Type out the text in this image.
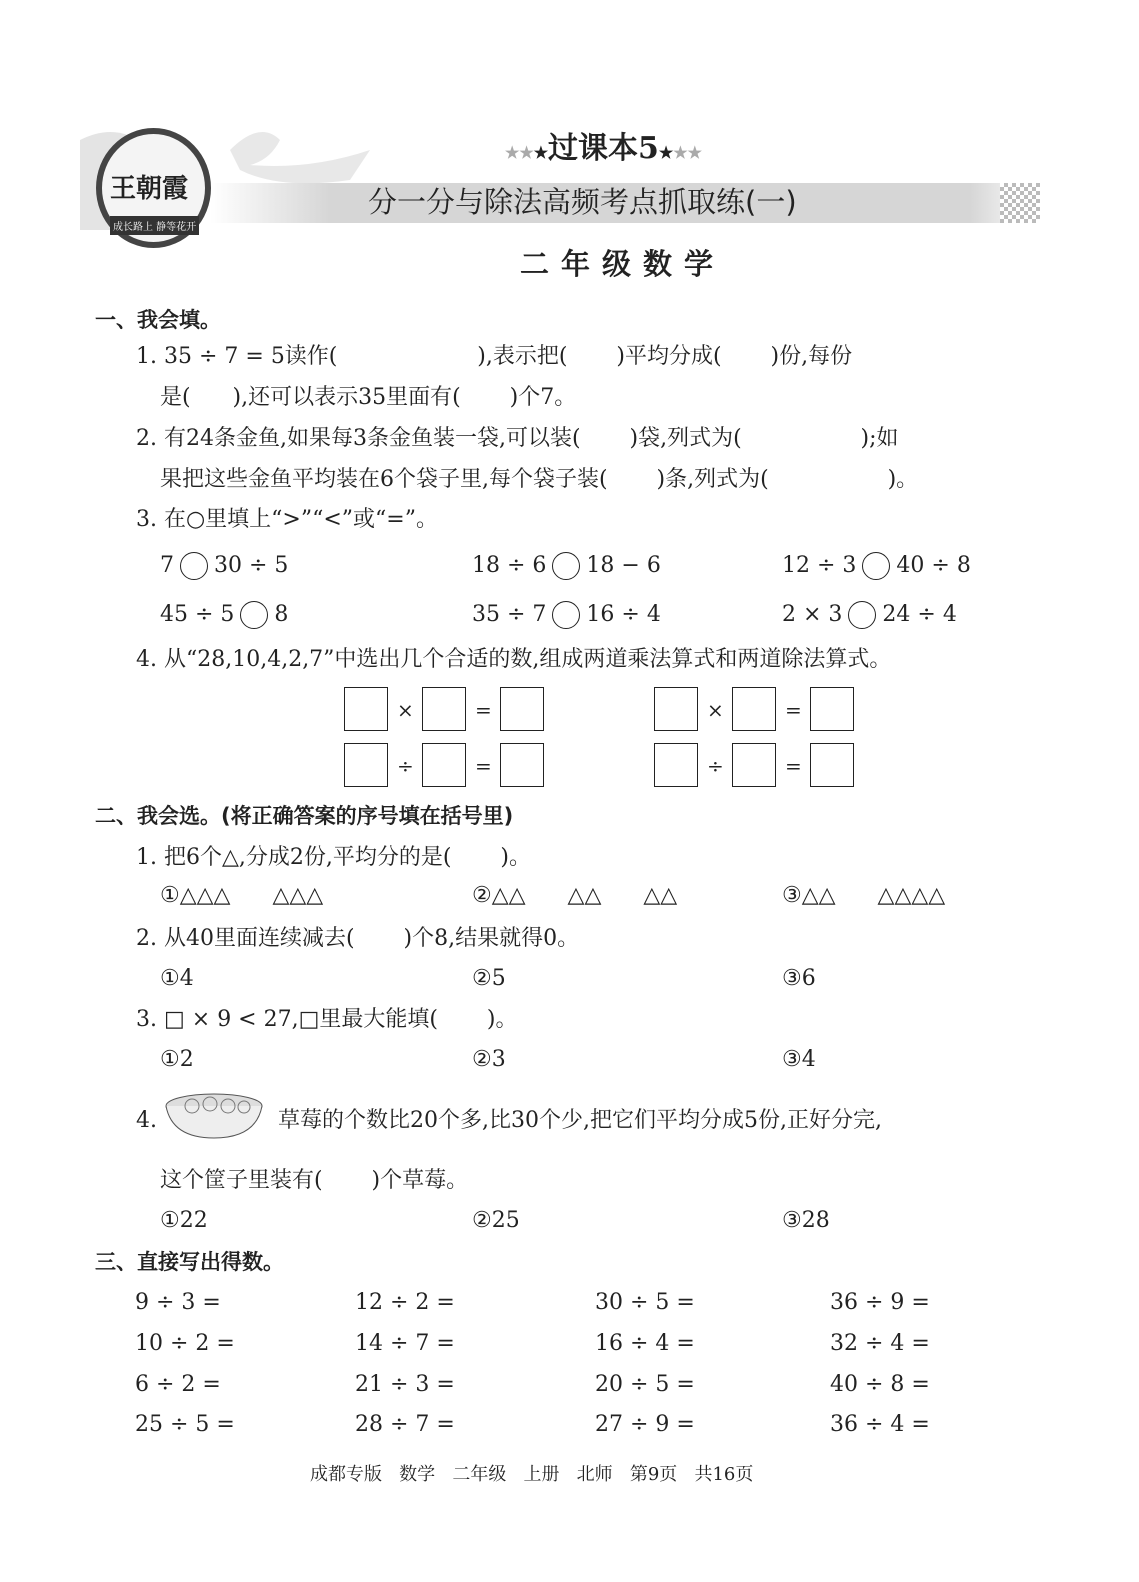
王朝霞
成长路上 静等花开
★★★过课本5★★★
分一分与除法高频考点抓取练(一)
二年级数学
一、我会填。
1. 35 ÷ 7 = 5读作(                    ),表示把(       )平均分成(       )份,每份
是(      ),还可以表示35里面有(       )个7。
2. 有24条金鱼,如果每3条金鱼装一袋,可以装(       )袋,列式为(                 );如
果把这些金鱼平均装在6个袋子里,每个袋子装(       )条,列式为(                 )。
3. 在○里填上“>”“<”或“=”。
7 30 ÷ 5	18 ÷ 6 18 − 6	12 ÷ 3 40 ÷ 8
45 ÷ 5 8	35 ÷ 7 16 ÷ 4	2 × 3 24 ÷ 4
4. 从“28,10,4,2,7”中选出几个合适的数,组成两道乘法算式和两道除法算式。
×	=	×	=
÷	=	÷	=
二、我会选。(将正确答案的序号填在括号里)
1. 把6个△,分成2份,平均分的是(       )。
①△△△      △△△	②△△      △△      △△	③△△      △△△△
2. 从40里面连续减去(       )个8,结果就得0。
①4	②5	③6
3. □ × 9 < 27,□里最大能填(       )。
①2	②3	③4
4.	草莓的个数比20个多,比30个少,把它们平均分成5份,正好分完,
这个筐子里装有(       )个草莓。
①22	②25	③28
三、直接写出得数。
9 ÷ 3 =	12 ÷ 2 =	30 ÷ 5 =	36 ÷ 9 =
10 ÷ 2 =	14 ÷ 7 =	16 ÷ 4 =	32 ÷ 4 =
6 ÷ 2 =	21 ÷ 3 =	20 ÷ 5 =	40 ÷ 8 =
25 ÷ 5 =	28 ÷ 7 =	27 ÷ 9 =	36 ÷ 4 =
成都专版   数学   二年级   上册   北师   第9页   共16页
